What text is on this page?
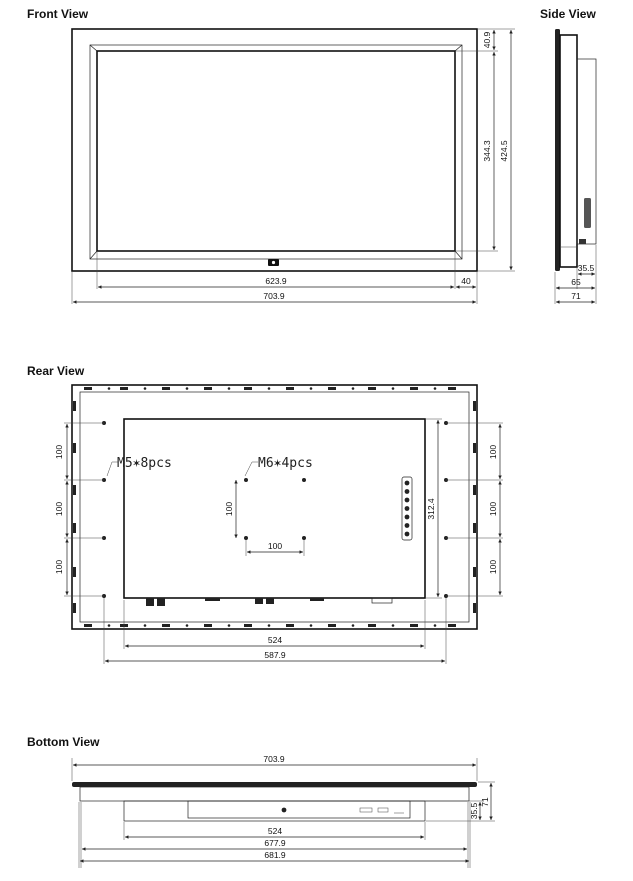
Front View	Side View
Rear View
Bottom View
623.9	40
703.9
40.9
344.3 424.5
35.5
65
71
M5✶8pcs	M6✶4pcs
100
100
100
100
100
100
312.4
100
100
524
587.9
703.9
524
677.9
681.9
35.5
71
